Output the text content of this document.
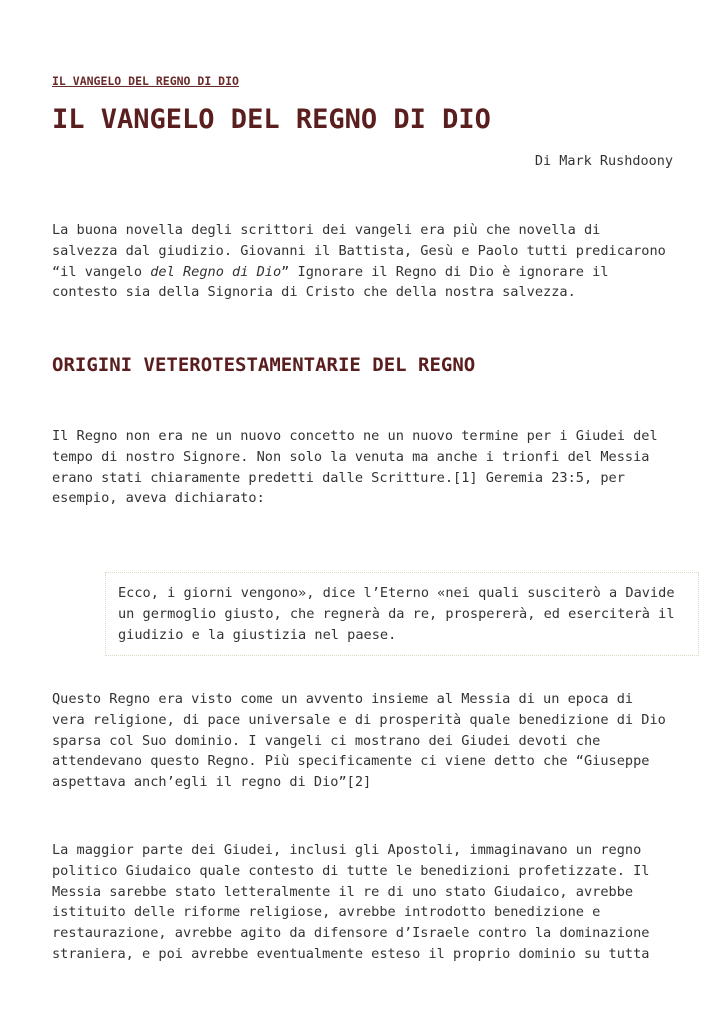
IL VANGELO DEL REGNO DI DIO
IL VANGELO DEL REGNO DI DIO
Di Mark Rushdoony

La buona novella degli scrittori dei vangeli era più che novella di
salvezza dal giudizio. Giovanni il Battista, Gesù e Paolo tutti predicarono
“il vangelo del Regno di Dio” Ignorare il Regno di Dio è ignorare il
contesto sia della Signoria di Cristo che della nostra salvezza.

ORIGINI VETEROTESTAMENTARIE DEL REGNO

Il Regno non era ne un nuovo concetto ne un nuovo termine per i Giudei del
tempo di nostro Signore. Non solo la venuta ma anche i trionfi del Messia
erano stati chiaramente predetti dalle Scritture.[1] Geremia 23:5, per
esempio, aveva dichiarato:

Ecco, i giorni vengono», dice l’Eterno «nei quali susciterò a Davide
un germoglio giusto, che regnerà da re, prospererà, ed eserciterà il
giudizio e la giustizia nel paese.

Questo Regno era visto come un avvento insieme al Messia di un epoca di
vera religione, di pace universale e di prosperità quale benedizione di Dio
sparsa col Suo dominio. I vangeli ci mostrano dei Giudei devoti che
attendevano questo Regno. Più specificamente ci viene detto che “Giuseppe
aspettava anch’egli il regno di Dio”[2]

La maggior parte dei Giudei, inclusi gli Apostoli, immaginavano un regno
politico Giudaico quale contesto di tutte le benedizioni profetizzate. Il
Messia sarebbe stato letteralmente il re di uno stato Giudaico, avrebbe
istituito delle riforme religiose, avrebbe introdotto benedizione e
restaurazione, avrebbe agito da difensore d’Israele contro la dominazione
straniera, e poi avrebbe eventualmente esteso il proprio dominio su tutta
